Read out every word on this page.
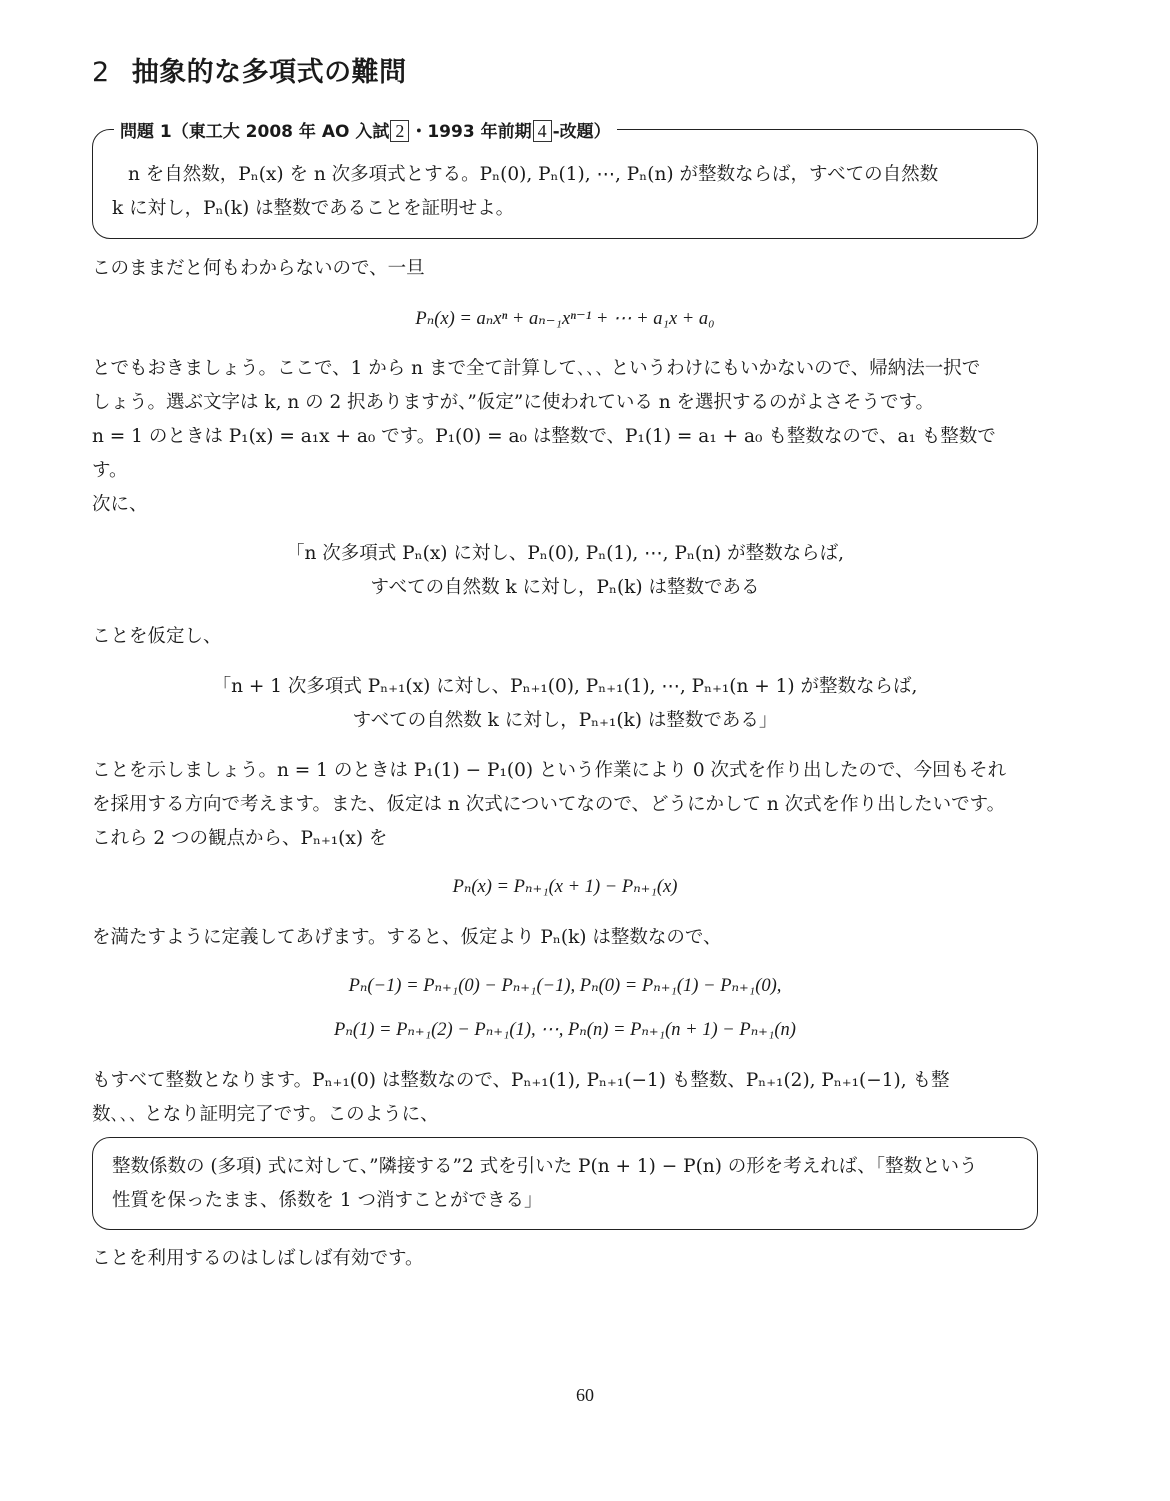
2 抽象的な多項式の難問
問題 1（東工大 2008 年 AO 入試 2 ・1993 年前期 4 -改題）
n を自然数，Pₙ(x) を n 次多項式とする。Pₙ(0), Pₙ(1), ⋯, Pₙ(n) が整数ならば，すべての自然数
k に対し，Pₙ(k) は整数であることを証明せよ。
このままだと何もわからないので、一旦
Pₙ(x) = aₙxⁿ + aₙ₋₁xⁿ⁻¹ + ⋯ + a₁x + a₀
とでもおきましょう。ここで、1 から n まで全て計算して､､､ というわけにもいかないので、帰納法一択で
しょう。選ぶ文字は k, n の 2 択ありますが、”仮定”に使われている n を選択するのがよさそうです。
n = 1 のときは P₁(x) = a₁x + a₀ です。P₁(0) = a₀ は整数で、P₁(1) = a₁ + a₀ も整数なので、a₁ も整数で
す。
次に、
「n 次多項式 Pₙ(x) に対し、Pₙ(0), Pₙ(1), ⋯, Pₙ(n) が整数ならば,
すべての自然数 k に対し，Pₙ(k) は整数である
ことを仮定し、
「n + 1 次多項式 Pₙ₊₁(x) に対し、Pₙ₊₁(0), Pₙ₊₁(1), ⋯, Pₙ₊₁(n + 1) が整数ならば,
すべての自然数 k に対し，Pₙ₊₁(k) は整数である」
ことを示しましょう。n = 1 のときは P₁(1) − P₁(0) という作業により 0 次式を作り出したので、今回もそれ
を採用する方向で考えます。また、仮定は n 次式についてなので、どうにかして n 次式を作り出したいです。
これら 2 つの観点から、Pₙ₊₁(x) を
Pₙ(x) = Pₙ₊₁(x + 1) − Pₙ₊₁(x)
を満たすように定義してあげます。すると、仮定より Pₙ(k) は整数なので、
Pₙ(−1) = Pₙ₊₁(0) − Pₙ₊₁(−1), Pₙ(0) = Pₙ₊₁(1) − Pₙ₊₁(0),
Pₙ(1) = Pₙ₊₁(2) − Pₙ₊₁(1), ⋯, Pₙ(n) = Pₙ₊₁(n + 1) − Pₙ₊₁(n)
もすべて整数となります。Pₙ₊₁(0) は整数なので、Pₙ₊₁(1), Pₙ₊₁(−1) も整数、Pₙ₊₁(2), Pₙ₊₁(−1), も整
数､､､ となり証明完了です。このように、
整数係数の (多項) 式に対して、”隣接する”2 式を引いた P(n + 1) − P(n) の形を考えれば、「整数という
性質を保ったまま、係数を 1 つ消すことができる」
ことを利用するのはしばしば有効です。
60
